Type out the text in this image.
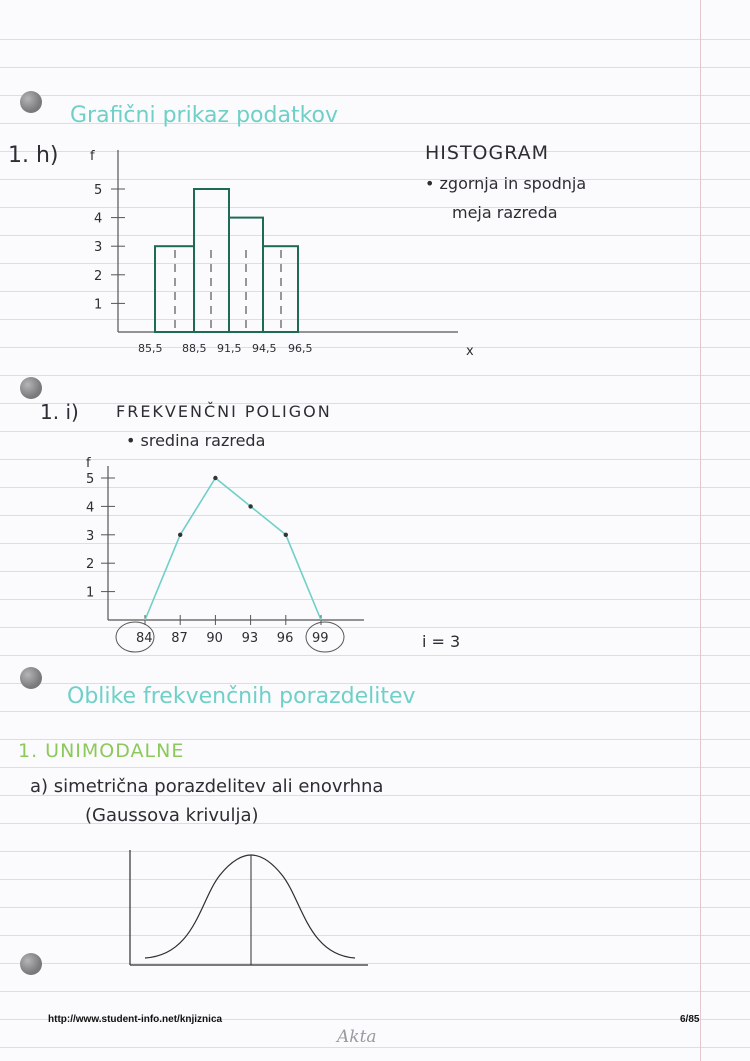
Grafični prikaz podatkov
1. h)	HISTOGRAM
• zgornja in spodnja
meja razreda
1
2
3
4
5
f
x
85,5 88,5 91,5 94,5 96,5
1. i) FREKVENČNI POLIGON
• sredina razreda
i = 3
1
2
3
4
5
f
84 87 90 93 96 99
Oblike frekvenčnih porazdelitev
1. UNIMODALNE
a) simetrična porazdelitev ali enovrhna
(Gaussova krivulja)
http://www.student-info.net/knjiznica	6/85
Akta
